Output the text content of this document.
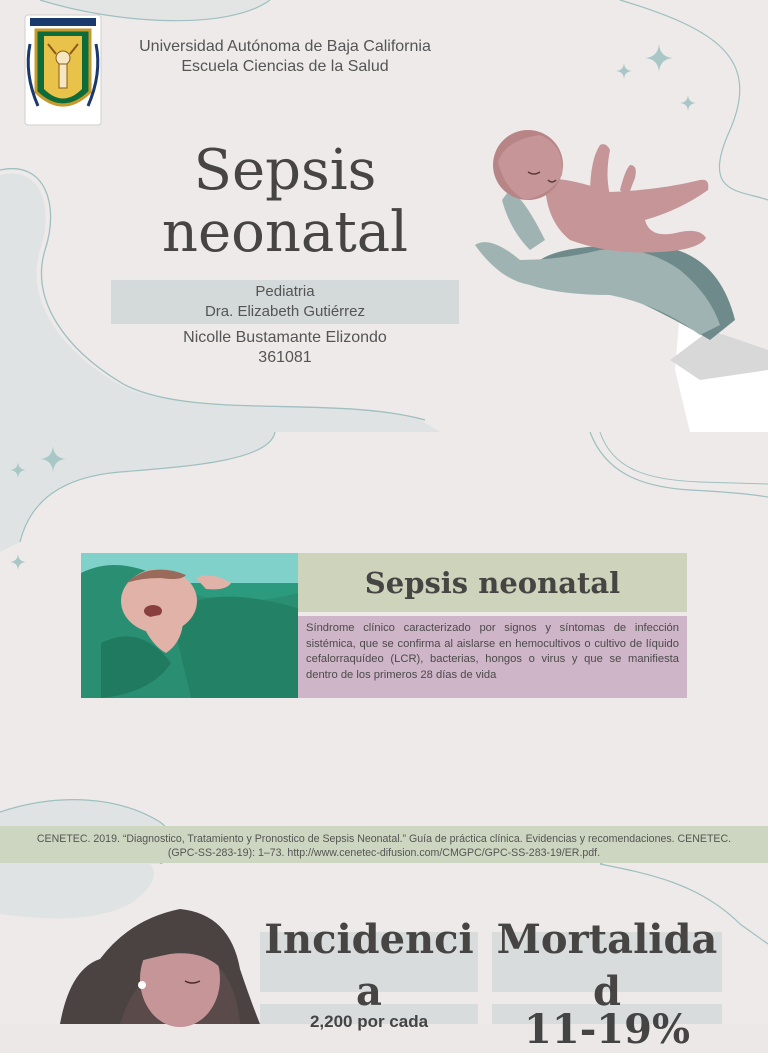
Universidad Autónoma de Baja California
Escuela Ciencias de la Salud
Sepsis
neonatal
Pediatria
Dra. Elizabeth Gutiérrez
Nicolle Bustamante Elizondo
361081
Sepsis neonatal
Síndrome clínico caracterizado por signos y síntomas de infección sistémica, que se confirma al aislarse en hemocultivos o cultivo de líquido cefalorraquídeo (LCR), bacterias, hongos o virus y que se manifiesta dentro de los primeros 28 días de vida
CENETEC. 2019. “Diagnostico, Tratamiento y Pronostico de Sepsis Neonatal.” Guía de práctica clínica. Evidencias y recomendaciones. CENETEC. (GPC-SS-283-19): 1–73. http://www.cenetec-difusion.com/CMGPC/GPC-SS-283-19/ER.pdf.
Incidenci
a
2,200 por cada
Mortalida
d
11-19%
